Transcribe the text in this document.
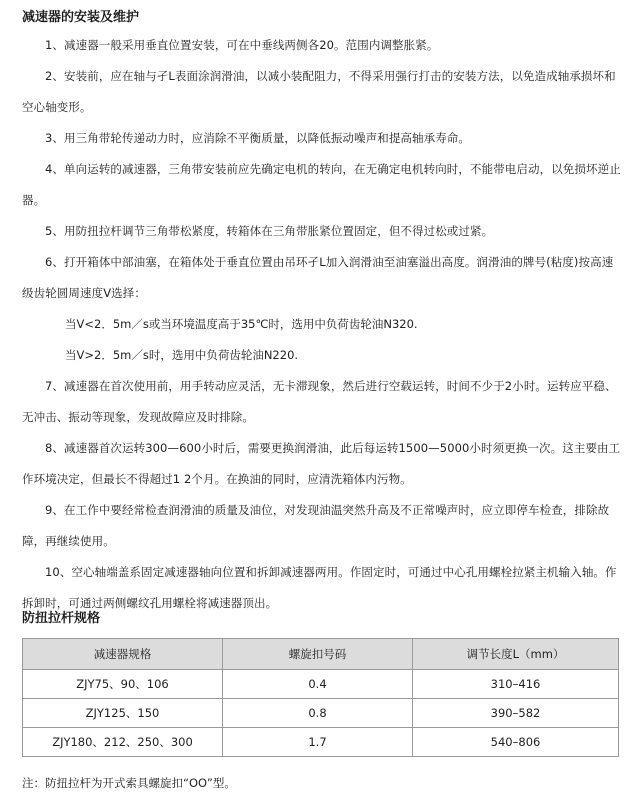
减速器的安装及维护
1、减速器一般采用垂直位置安装，可在中垂线两侧各20。范围内调整胀紧。
2、安装前，应在轴与孑L表面涂润滑油，以减小装配阻力，不得采用强行打击的安装方法，以免造成轴承损坏和空心轴变形。
3、用三角带轮传递动力时，应消除不平衡质量，以降低振动噪声和提高轴承寿命。
4、单向运转的减速器，三角带安装前应先确定电机的转向，在无确定电机转向时，不能带电启动，以免损坏逆止器。
5、用防扭拉杆调节三角带松紧度，转箱体在三角带胀紧位置固定，但不得过松或过紧。
6、打开箱体中部油塞，在箱体处于垂直位置由吊环孑L加入润滑油至油塞溢出高度。润滑油的牌号(粘度)按高速级齿轮圆周速度V选择：
当V<2．5m／s或当环境温度高于35℃时，选用中负荷齿轮油N320.
当V>2．5m／s时，选用中负荷齿轮油N220.
7、减速器在首次使用前，用手转动应灵活，无卡滞现象，然后进行空载运转，时间不少于2小时。运转应平稳、无冲击、振动等现象，发现故障应及时排除。
8、减速器首次运转300—600小时后，需要更换润滑油，此后每运转1500—5000小时须更换一次。这主要由工作环境决定，但最长不得超过1 2个月。在换油的同时，应清洗箱体内污物。
9、在工作中要经常检查润滑油的质量及油位，对发现油温突然升高及不正常噪声时，应立即停车检查，排除故障，再继续使用。
10、空心轴端盖系固定减速器轴向位置和拆卸减速器两用。作固定时，可通过中心孔用螺栓拉紧主机输入轴。作拆卸时，可通过两侧螺纹孔用螺栓将减速器顶出。
防扭拉杆规格
减速器规格	螺旋扣号码	调节长度L（mm）
ZJY75、90、106	0.4	310–416
ZJY125、150	0.8	390–582
ZJY180、212、250、300	1.7	540–806
注：防扭拉杆为开式索具螺旋扣“OO”型。
